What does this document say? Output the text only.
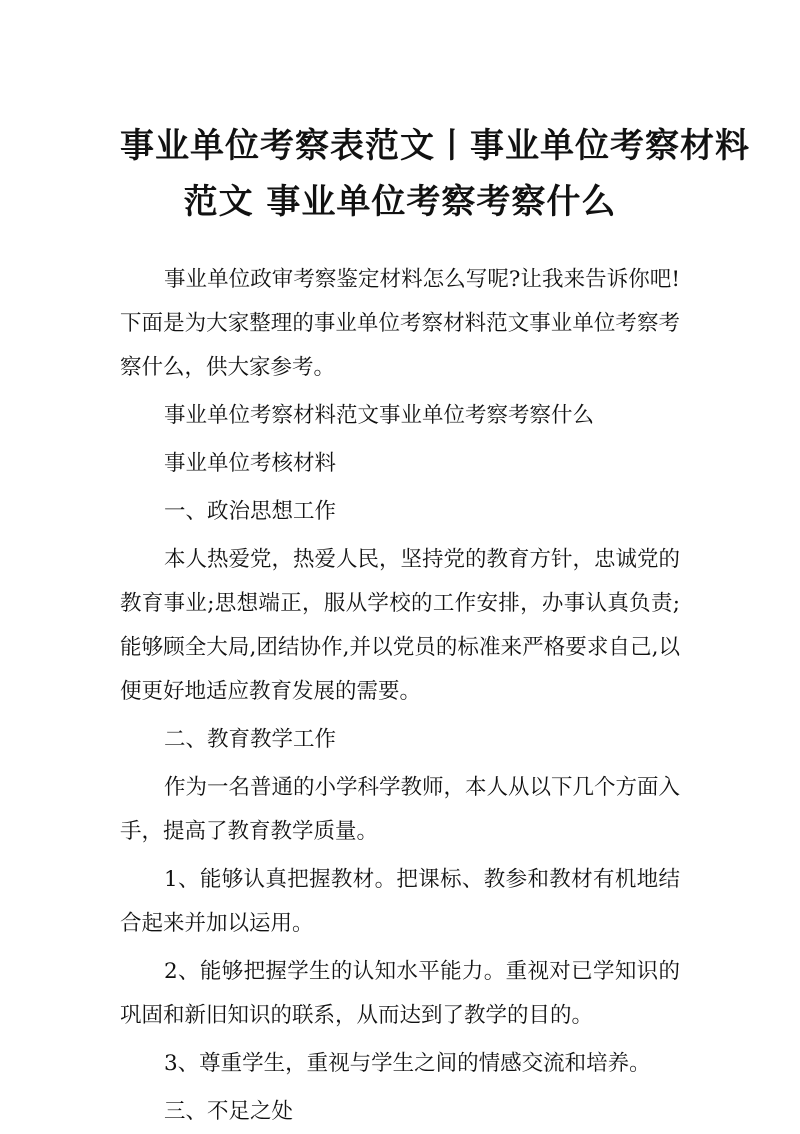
事业单位考察表范文丨事业单位考察材料
范文 事业单位考察考察什么

事业单位政审考察鉴定材料怎么写呢?让我来告诉你吧!下面是为大家整理的事业单位考察材料范文事业单位考察考察什么，供大家参考。

事业单位考察材料范文事业单位考察考察什么

事业单位考核材料

一、政治思想工作

本人热爱党，热爱人民，坚持党的教育方针，忠诚党的教育事业;思想端正，服从学校的工作安排，办事认真负责;能够顾全大局,团结协作,并以党员的标准来严格要求自己,以便更好地适应教育发展的需要。

二、教育教学工作

作为一名普通的小学科学教师，本人从以下几个方面入手，提高了教育教学质量。

1、能够认真把握教材。把课标、教参和教材有机地结合起来并加以运用。

2、能够把握学生的认知水平能力。重视对已学知识的巩固和新旧知识的联系，从而达到了教学的目的。

3、尊重学生，重视与学生之间的情感交流和培养。

三、不足之处
